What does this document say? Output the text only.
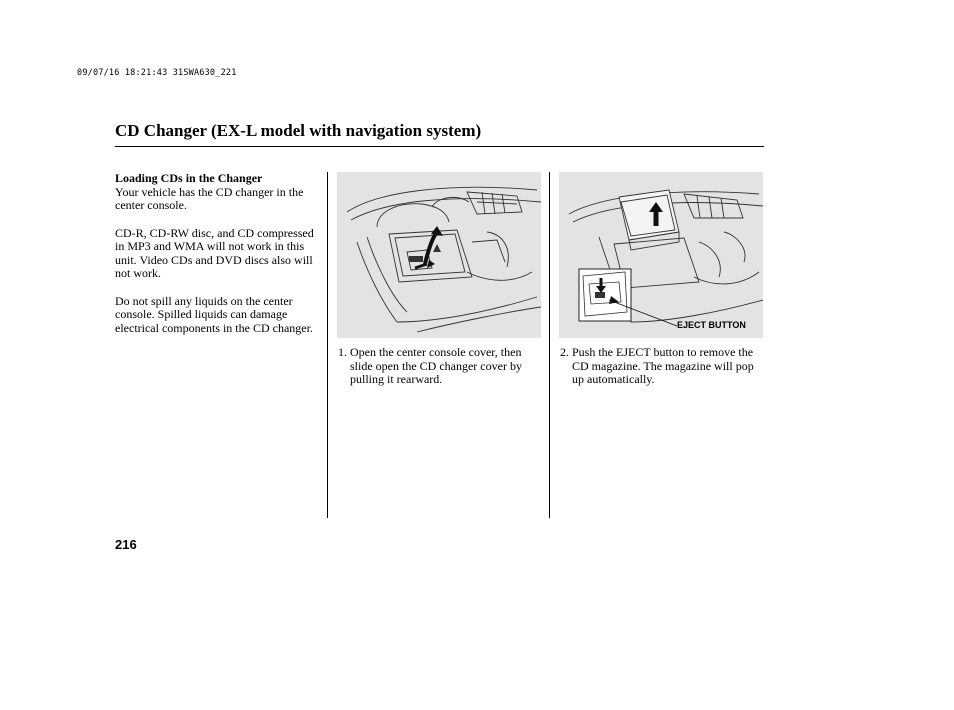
09/07/16 18:21:43 31SWA630_221
CD Changer (EX-L model with navigation system)
Loading CDs in the Changer

Your vehicle has the CD changer in the center console.

CD-R, CD-RW disc, and CD compressed in MP3 and WMA will not work in this unit. Video CDs and DVD discs also will not work.

Do not spill any liquids on the center console. Spilled liquids can damage electrical components in the CD changer.	EJECT BUTTON
1. Open the center console cover, then slide open the CD changer cover by pulling it rearward.
2. Push the EJECT button to remove the CD magazine. The magazine will pop up automatically.
216
